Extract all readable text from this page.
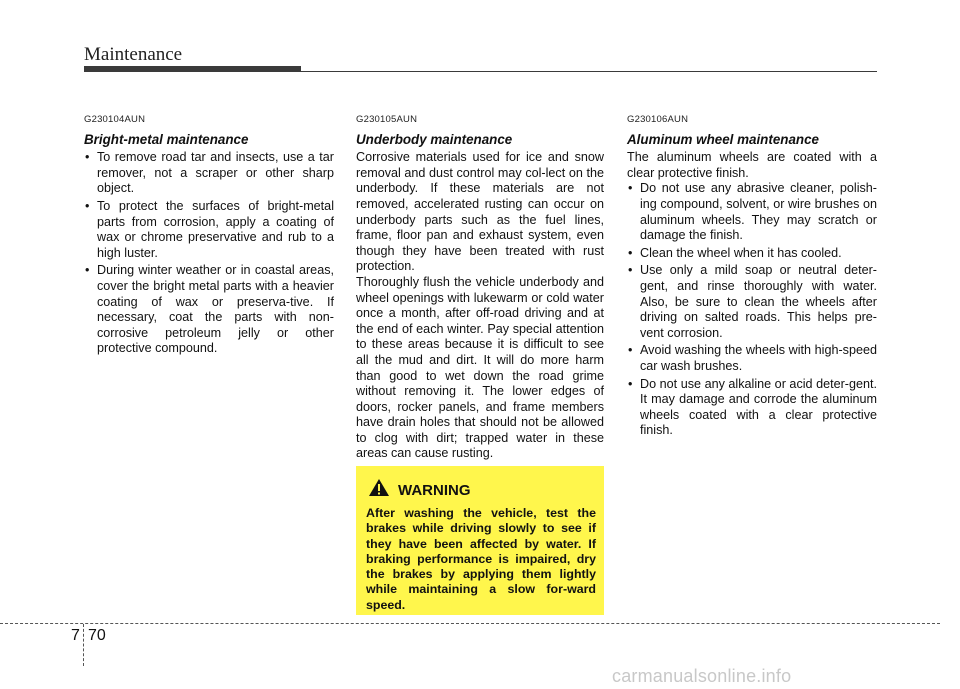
Maintenance
G230104AUN
Bright-metal maintenance
• To remove road tar and insects, use a tar remover, not a scraper or other sharp object.
• To protect the surfaces of bright-metal parts from corrosion, apply a coating of wax or chrome preservative and rub to a high luster.
• During winter weather or in coastal areas, cover the bright metal parts with a heavier coating of wax or preserva-tive. If necessary, coat the parts with non-corrosive petroleum jelly or other protective compound.
G230105AUN
Underbody maintenance
Corrosive materials used for ice and snow removal and dust control may col-lect on the underbody. If these materials are not removed, accelerated rusting can occur on underbody parts such as the fuel lines, frame, floor pan and exhaust system, even though they have been treated with rust protection.
Thoroughly flush the vehicle underbody and wheel openings with lukewarm or cold water once a month, after off-road driving and at the end of each winter. Pay special attention to these areas because it is difficult to see all the mud and dirt. It will do more harm than good to wet down the road grime without removing it. The lower edges of doors, rocker panels, and frame members have drain holes that should not be allowed to clog with dirt; trapped water in these areas can cause rusting.
WARNING
After washing the vehicle, test the brakes while driving slowly to see if they have been affected by water. If braking performance is impaired, dry the brakes by applying them lightly while maintaining a slow for-ward speed.
G230106AUN
Aluminum wheel maintenance
The aluminum wheels are coated with a clear protective finish.
• Do not use any abrasive cleaner, polish-ing compound, solvent, or wire brushes on aluminum wheels. They may scratch or damage the finish.
• Clean the wheel when it has cooled.
• Use only a mild soap or neutral deter-gent, and rinse thoroughly with water. Also, be sure to clean the wheels after driving on salted roads. This helps pre-vent corrosion.
• Avoid washing the wheels with high-speed car wash brushes.
• Do not use any alkaline or acid deter-gent. It may damage and corrode the aluminum wheels coated with a clear protective finish.
7 70
carmanualsonline.info
